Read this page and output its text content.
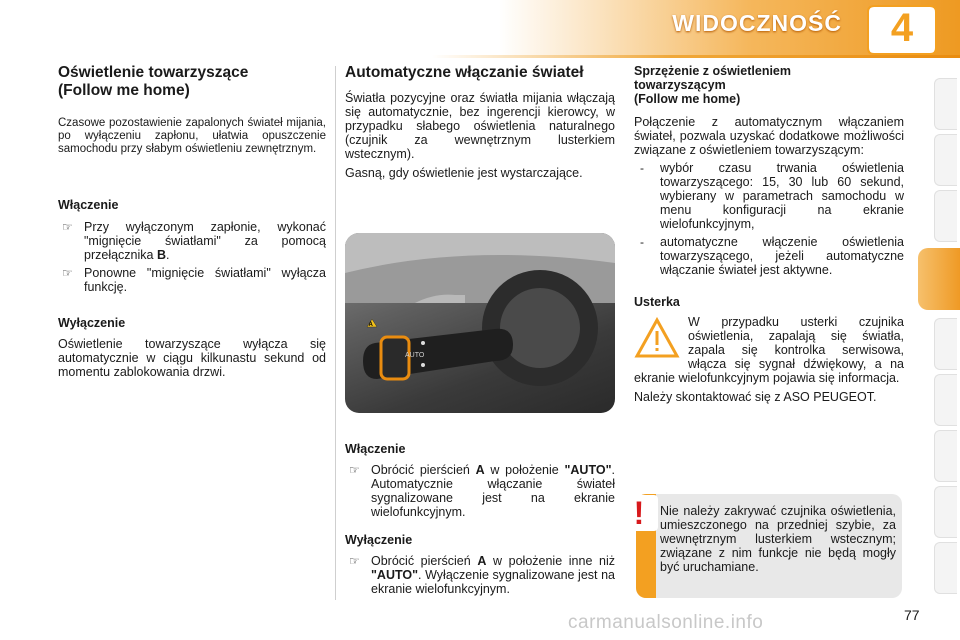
WIDOCZNOŚĆ	4
Oświetlenie towarzyszące
(Follow me home)

Czasowe pozostawienie zapalonych świateł mijania, po wyłączeniu zapłonu, ułatwia opuszczenie samochodu przy słabym oświetleniu zewnętrznym.

Włączenie
☞ Przy wyłączonym zapłonie, wykonać "mignięcie światłami" za pomocą przełącznika B.
☞ Ponowne "mignięcie światłami" wyłącza funkcję.
Wyłączenie

Oświetlenie towarzyszące wyłącza się automatycznie w ciągu kilkunastu sekund od momentu zablokowania drzwi.

Automatyczne włączanie świateł

Światła pozycyjne oraz światła mijania włączają się automatycznie, bez ingerencji kierowcy, w przypadku słabego oświetlenia naturalnego (czujnik za wewnętrznym lusterkiem wstecznym).

Gasną, gdy oświetlenie jest wystarczające.

AUTO
A
Włączenie
☞ Obrócić pierścień A w położenie "AUTO". Automatycznie włączanie świateł sygnalizowane jest na ekranie wielofunkcyjnym.
Wyłączenie
☞ Obrócić pierścień A w położenie inne niż "AUTO". Wyłączenie sygnalizowane jest na ekranie wielofunkcyjnym.
Sprzężenie z oświetleniem
towarzyszącym
(Follow me home)

Połączenie z automatycznym włączaniem świateł, pozwala uzyskać dodatkowe możliwości związane z oświetleniem towarzyszącym:

- wybór czasu trwania oświetlenia towarzyszącego: 15, 30 lub 60 sekund, wybierany w parametrach samochodu w menu konfiguracji na ekranie wielofunkcyjnym,
- automatyczne włączenie oświetlenia towarzyszącego, jeżeli automatyczne włączanie świateł jest aktywne.
Usterka

W przypadku usterki czujnika oświetlenia, zapalają się światła, zapala się kontrolka serwisowa, włącza się sygnał dźwiękowy, a na ekranie wielofunkcyjnym pojawia się informacja.

Należy skontaktować się z ASO PEUGEOT.

!	Nie należy zakrywać czujnika oświetlenia, umieszczonego na przedniej szybie, za wewnętrznym lusterkiem wstecznym; związane z nim funkcje nie będą mogły być uruchamiane.

77
carmanualsonline.info
